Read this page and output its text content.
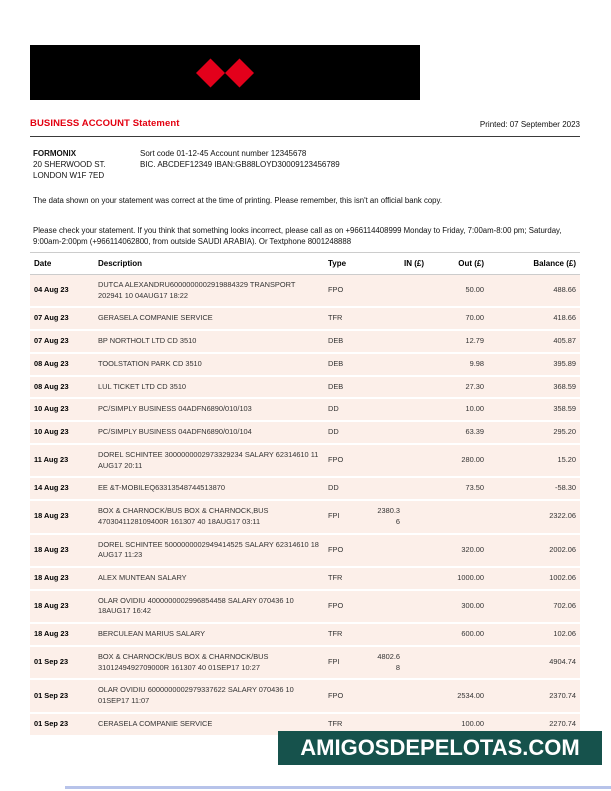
BUSINESS ACCOUNT Statement	Printed: 07 September 2023
FORMONIX
20 SHERWOOD ST.
LONDON W1F 7ED
Sort code 01-12-45 Account number 12345678
BIC. ABCDEF12349 IBAN:GB88LOYD30009123456789

The data shown on your statement was correct at the time of printing. Please remember, this isn't an official bank copy.

Please check your statement. If you think that something looks incorrect, please call as on +966114408999 Monday to Friday, 7:00am-8:00 pm; Saturday, 9:00am-2:00pm (+966114062800, from outside SAUDI ARABIA). Or Textphone 8001248888

Date	Description	Type	IN (£)	Out (£)	Balance (£)
04 Aug 23	DUTCA ALEXANDRU6000000002919884329 TRANSPORT 202941 10 04AUG17 18:22	FPO		50.00	488.66
07 Aug 23	GERASELA COMPANIE SERVICE	TFR		70.00	418.66
07 Aug 23	BP NORTHOLT LTD CD 3510	DEB		12.79	405.87
08 Aug 23	TOOLSTATION PARK CD 3510	DEB		9.98	395.89
08 Aug 23	LUL TICKET LTD CD 3510	DEB		27.30	368.59
10 Aug 23	PC/SIMPLY BUSINESS 04ADFN6890/010/103	DD		10.00	358.59
10 Aug 23	PC/SIMPLY BUSINESS 04ADFN6890/010/104	DD		63.39	295.20
11 Aug 23	DOREL SCHINTEE 3000000002973329234 SALARY 62314610 11 AUG17 20:11	FPO		280.00	15.20
14 Aug 23	EE &T-MOBILEQ63313548744513870	DD		73.50	-58.30
18 Aug 23	BOX & CHARNOCK/BUS BOX & CHARNOCK,BUS 4703041128109400R 161307 40 18AUG17 03:11	FPI	2380.36		2322.06
18 Aug 23	DOREL SCHINTEE 5000000002949414525 SALARY 62314610 18 AUG17 11:23	FPO		320.00	2002.06
18 Aug 23	ALEX MUNTEAN SALARY	TFR		1000.00	1002.06
18 Aug 23	OLAR OVIDIU 4000000002996854458 SALARY 070436 10 18AUG17 16:42	FPO		300.00	702.06
18 Aug 23	BERCULEAN MARIUS SALARY	TFR		600.00	102.06
01 Sep 23	BOX & CHARNOCK/BUS BOX & CHARNOCK/BUS 3101249492709000R 161307 40 01SEP17 10:27	FPI	4802.68		4904.74
01 Sep 23	OLAR OVIDIU 6000000002979337622 SALARY 070436 10 01SEP17 11:07	FPO		2534.00	2370.74
01 Sep 23	CERASELA COMPANIE SERVICE	TFR		100.00	2270.74
AMIGOSDEPELOTAS.COM
